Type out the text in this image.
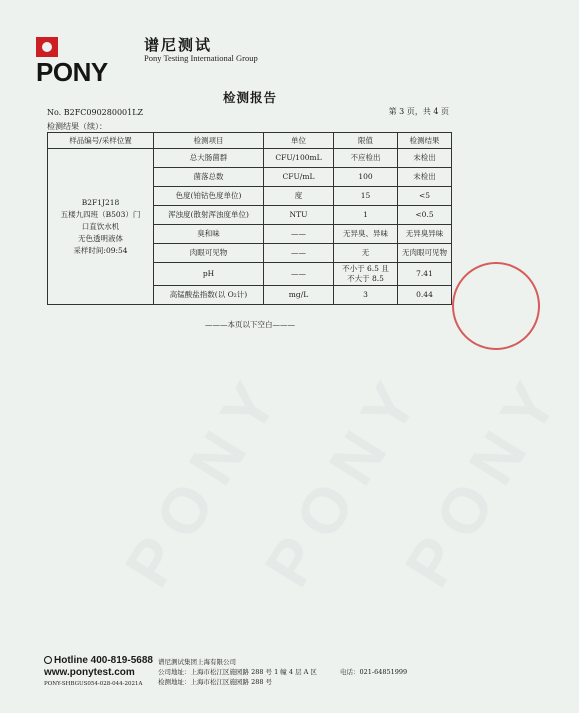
PONY
PONY
PONY
PONY
谱尼测试
Pony Testing International Group
检测报告
No. B2FC090280001LZ	第 3 页，共 4 页
检测结果（续）：
样品编号/采样位置	检测项目	单位	限值	检测结果

B2F1J218
五楼九四班（B503）门
口直饮水机
无色透明液体
采样时间:09:54	总大肠菌群	CFU/100mL	不应检出	未检出
	菌落总数	CFU/mL	100	未检出
	色度(铂钴色度单位)	度	15	<5
	浑浊度(散射浑浊度单位)	NTU	1	<0.5
	臭和味	——	无异臭、异味	无异臭异味
	肉眼可见物	——	无	无肉眼可见物
	pH	——	不小于 6.5 且
不大于 8.5	7.41
	高锰酸盐指数(以 O₂计)	mg/L	3	0.44
———本页以下空白———
Hotline 400-819-5688
www.ponytest.com
PONY-SHBGUS054-028-044-2021A
谱尼测试集团上海有限公司
公司地址：上海市松江区施园路 288 号 1 幢 4 层 A 区
检测地址：上海市松江区施园路 288 号
电话：021-64851999
